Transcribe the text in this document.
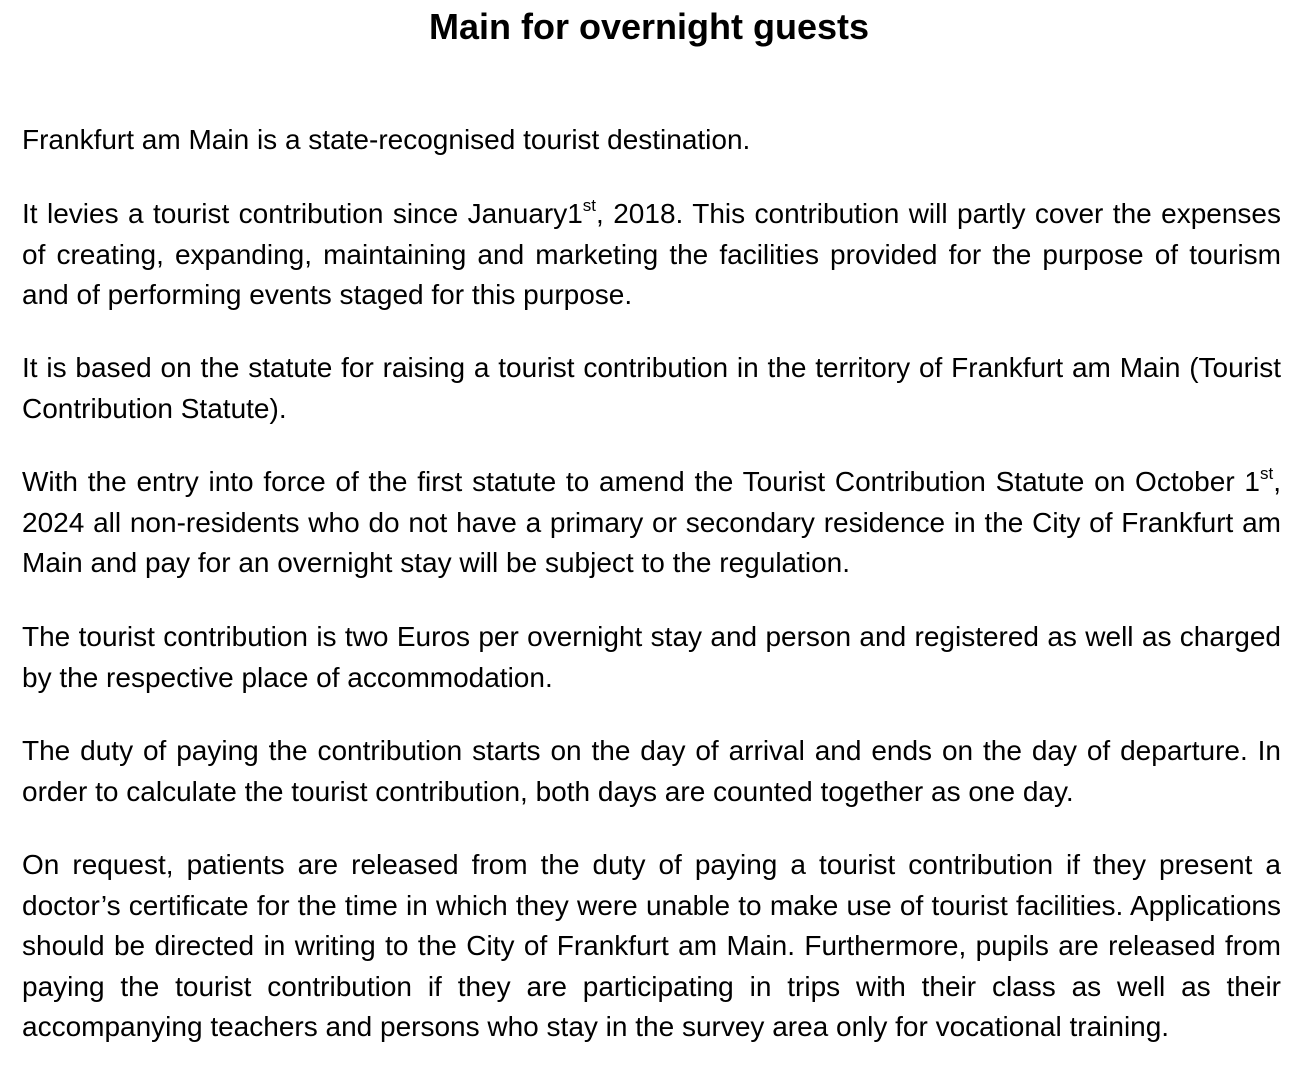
Main for overnight guests

Frankfurt am Main is a state-recognised tourist destination.

It levies a tourist contribution since January1st, 2018. This contribution will partly cover the expenses of creating, expanding, maintaining and marketing the facilities provided for the purpose of tourism and of performing events staged for this purpose.

It is based on the statute for raising a tourist contribution in the territory of Frankfurt am Main (Tourist Contribution Statute).

With the entry into force of the first statute to amend the Tourist Contribution Statute on October 1st, 2024 all non-residents who do not have a primary or secondary residence in the City of Frankfurt am Main and pay for an overnight stay will be subject to the regulation.

The tourist contribution is two Euros per overnight stay and person and registered as well as charged by the respective place of accommodation.

The duty of paying the contribution starts on the day of arrival and ends on the day of departure. In order to calculate the tourist contribution, both days are counted together as one day.

On request, patients are released from the duty of paying a tourist contribution if they present a doctor’s certificate for the time in which they were unable to make use of tourist facilities. Applications should be directed in writing to the City of Frankfurt am Main. Furthermore, pupils are released from paying the tourist contribution if they are participating in trips with their class as well as their accompanying teachers and persons who stay in the survey area only for vocational training.
